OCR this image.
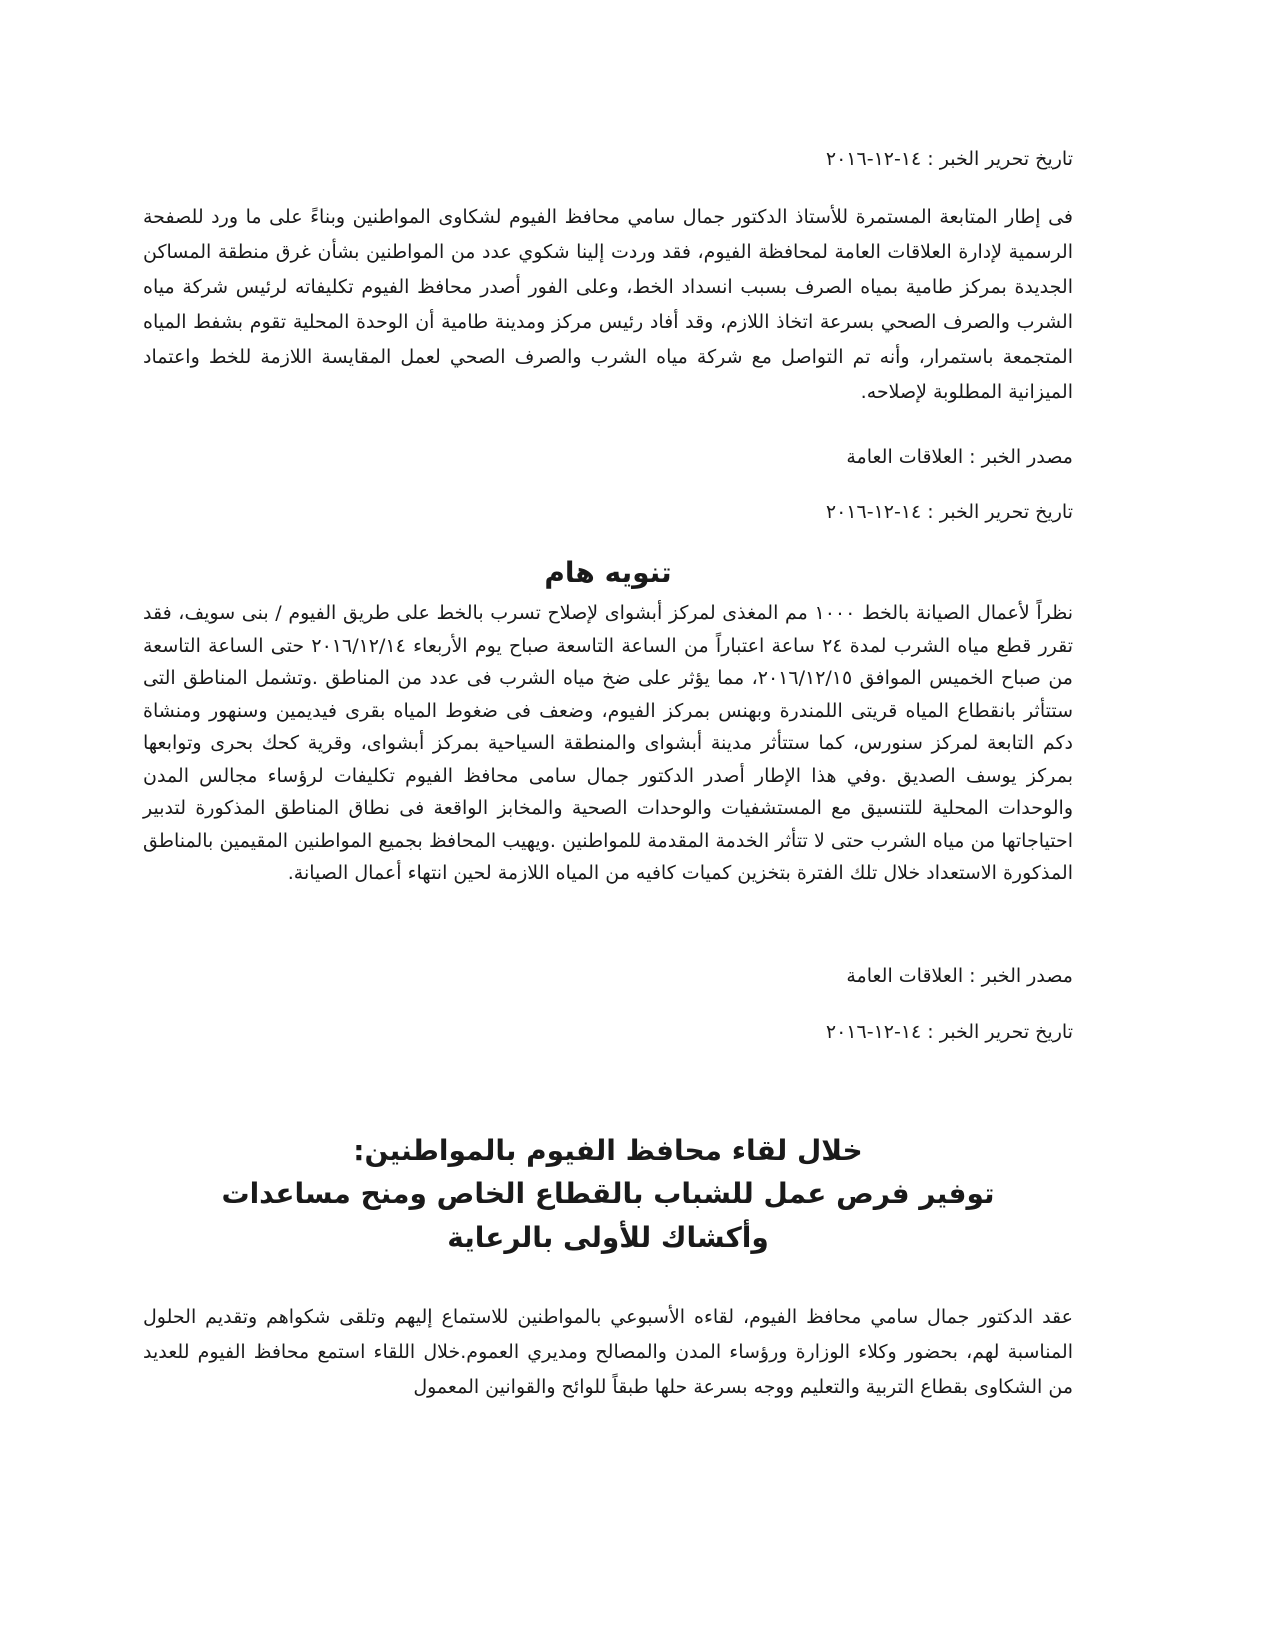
تاريخ تحرير الخبر : ١٤-١٢-٢٠١٦
فى إطار المتابعة المستمرة للأستاذ الدكتور جمال سامي محافظ الفيوم لشكاوى المواطنين وبناءً على ما ورد للصفحة الرسمية لإدارة العلاقات العامة لمحافظة الفيوم، فقد وردت إلينا شكوي عدد من المواطنين بشأن غرق منطقة المساكن الجديدة بمركز طامية بمياه الصرف بسبب انسداد الخط، وعلى الفور أصدر محافظ الفيوم تكليفاته لرئيس شركة مياه الشرب والصرف الصحي بسرعة اتخاذ اللازم، وقد أفاد رئيس مركز ومدينة طامية أن الوحدة المحلية تقوم بشفط المياه المتجمعة باستمرار، وأنه تم التواصل مع شركة مياه الشرب والصرف الصحي لعمل المقايسة اللازمة للخط واعتماد الميزانية المطلوبة لإصلاحه.
مصدر الخبر : العلاقات العامة
تاريخ تحرير الخبر : ١٤-١٢-٢٠١٦
تنويه هام
نظراً لأعمال الصيانة بالخط ١٠٠٠ مم المغذى لمركز أبشواى لإصلاح تسرب بالخط على طريق الفيوم / بنى سويف، فقد تقرر قطع مياه الشرب لمدة ٢٤ ساعة اعتباراً من الساعة التاسعة صباح يوم الأربعاء ٢٠١٦/١٢/١٤ حتى الساعة التاسعة من صباح الخميس الموافق ٢٠١٦/١٢/١٥، مما يؤثر على ضخ مياه الشرب فى عدد من المناطق .وتشمل المناطق التى ستتأثر بانقطاع المياه قريتى اللمندرة وبهنس بمركز الفيوم، وضعف فى ضغوط المياه بقرى فيديمين وسنهور ومنشاة دكم التابعة لمركز سنورس، كما ستتأثر مدينة أبشواى والمنطقة السياحية بمركز أبشواى، وقرية كحك بحرى وتوابعها بمركز يوسف الصديق .وفي هذا الإطار أصدر الدكتور جمال سامى محافظ الفيوم تكليفات لرؤساء مجالس المدن والوحدات المحلية للتنسيق مع المستشفيات والوحدات الصحية والمخابز الواقعة فى نطاق المناطق المذكورة لتدبير احتياجاتها من مياه الشرب حتى لا تتأثر الخدمة المقدمة للمواطنين .ويهيب المحافظ بجميع المواطنين المقيمين بالمناطق المذكورة الاستعداد خلال تلك الفترة بتخزين كميات كافيه من المياه اللازمة لحين انتهاء أعمال الصيانة.
مصدر الخبر : العلاقات العامة
تاريخ تحرير الخبر : ١٤-١٢-٢٠١٦
خلال لقاء محافظ الفيوم بالمواطنين:
توفير فرص عمل للشباب بالقطاع الخاص ومنح مساعدات وأكشاك للأولى بالرعاية
عقد الدكتور جمال سامي محافظ الفيوم، لقاءه الأسبوعي بالمواطنين للاستماع إليهم وتلقى شكواهم وتقديم الحلول المناسبة لهم، بحضور وكلاء الوزارة ورؤساء المدن والمصالح ومديري العموم.خلال اللقاء استمع محافظ الفيوم للعديد من الشكاوى بقطاع التربية والتعليم ووجه بسرعة حلها طبقاً للوائح والقوانين المعمول
